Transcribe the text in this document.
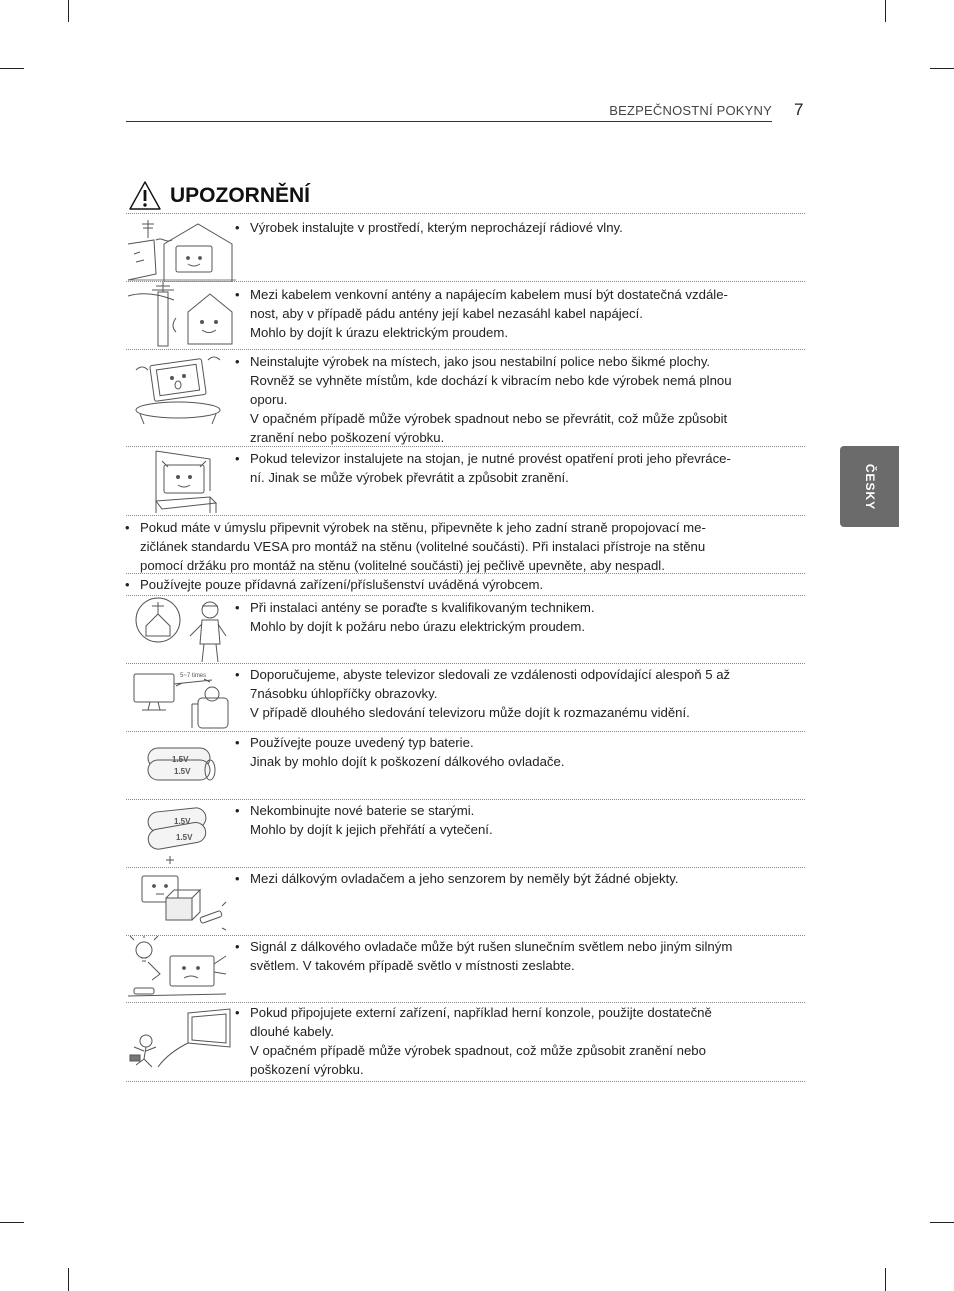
BEZPEČNOSTNÍ POKYNY 7
ČESKY
UPOZORNĚNÍ
• Výrobek instalujte v prostředí, kterým neprocházejí rádiové vlny.
• Mezi kabelem venkovní antény a napájecím kabelem musí být dostatečná vzdále-
nost, aby v případě pádu antény její kabel nezasáhl kabel napájecí.
Mohlo by dojít k úrazu elektrickým proudem.
• Neinstalujte výrobek na místech, jako jsou nestabilní police nebo šikmé plochy.
Rovněž se vyhněte místům, kde dochází k vibracím nebo kde výrobek nemá plnou
oporu.
V opačném případě může výrobek spadnout nebo se převrátit, což může způsobit
zranění nebo poškození výrobku.
• Pokud televizor instalujete na stojan, je nutné provést opatření proti jeho převráce-
ní. Jinak se může výrobek převrátit a způsobit zranění.
• Pokud máte v úmyslu připevnit výrobek na stěnu, připevněte k jeho zadní straně propojovací me-
zičlánek standardu VESA pro montáž na stěnu (volitelné součásti). Při instalaci přístroje na stěnu
pomocí držáku pro montáž na stěnu (volitelné součásti) jej pečlivě upevněte, aby nespadl.
• Používejte pouze přídavná zařízení/příslušenství uváděná výrobcem.
• Při instalaci antény se poraďte s kvalifikovaným technikem.
Mohlo by dojít k požáru nebo úrazu elektrickým proudem.
5~7 times • Doporučujeme, abyste televizor sledovali ze vzdálenosti odpovídající alespoň 5 až
7násobku úhlopříčky obrazovky.
V případě dlouhého sledování televizoru může dojít k rozmazanému vidění.
1.5V
1.5V
• Používejte pouze uvedený typ baterie.
Jinak by mohlo dojít k poškození dálkového ovladače.
1.5V
1.5V
• Nekombinujte nové baterie se starými.
Mohlo by dojít k jejich přehřátí a vytečení.
• Mezi dálkovým ovladačem a jeho senzorem by neměly být žádné objekty.
• Signál z dálkového ovladače může být rušen slunečním světlem nebo jiným silným
světlem. V takovém případě světlo v místnosti zeslabte.
• Pokud připojujete externí zařízení, například herní konzole, použijte dostatečně
dlouhé kabely.
V opačném případě může výrobek spadnout, což může způsobit zranění nebo
poškození výrobku.
